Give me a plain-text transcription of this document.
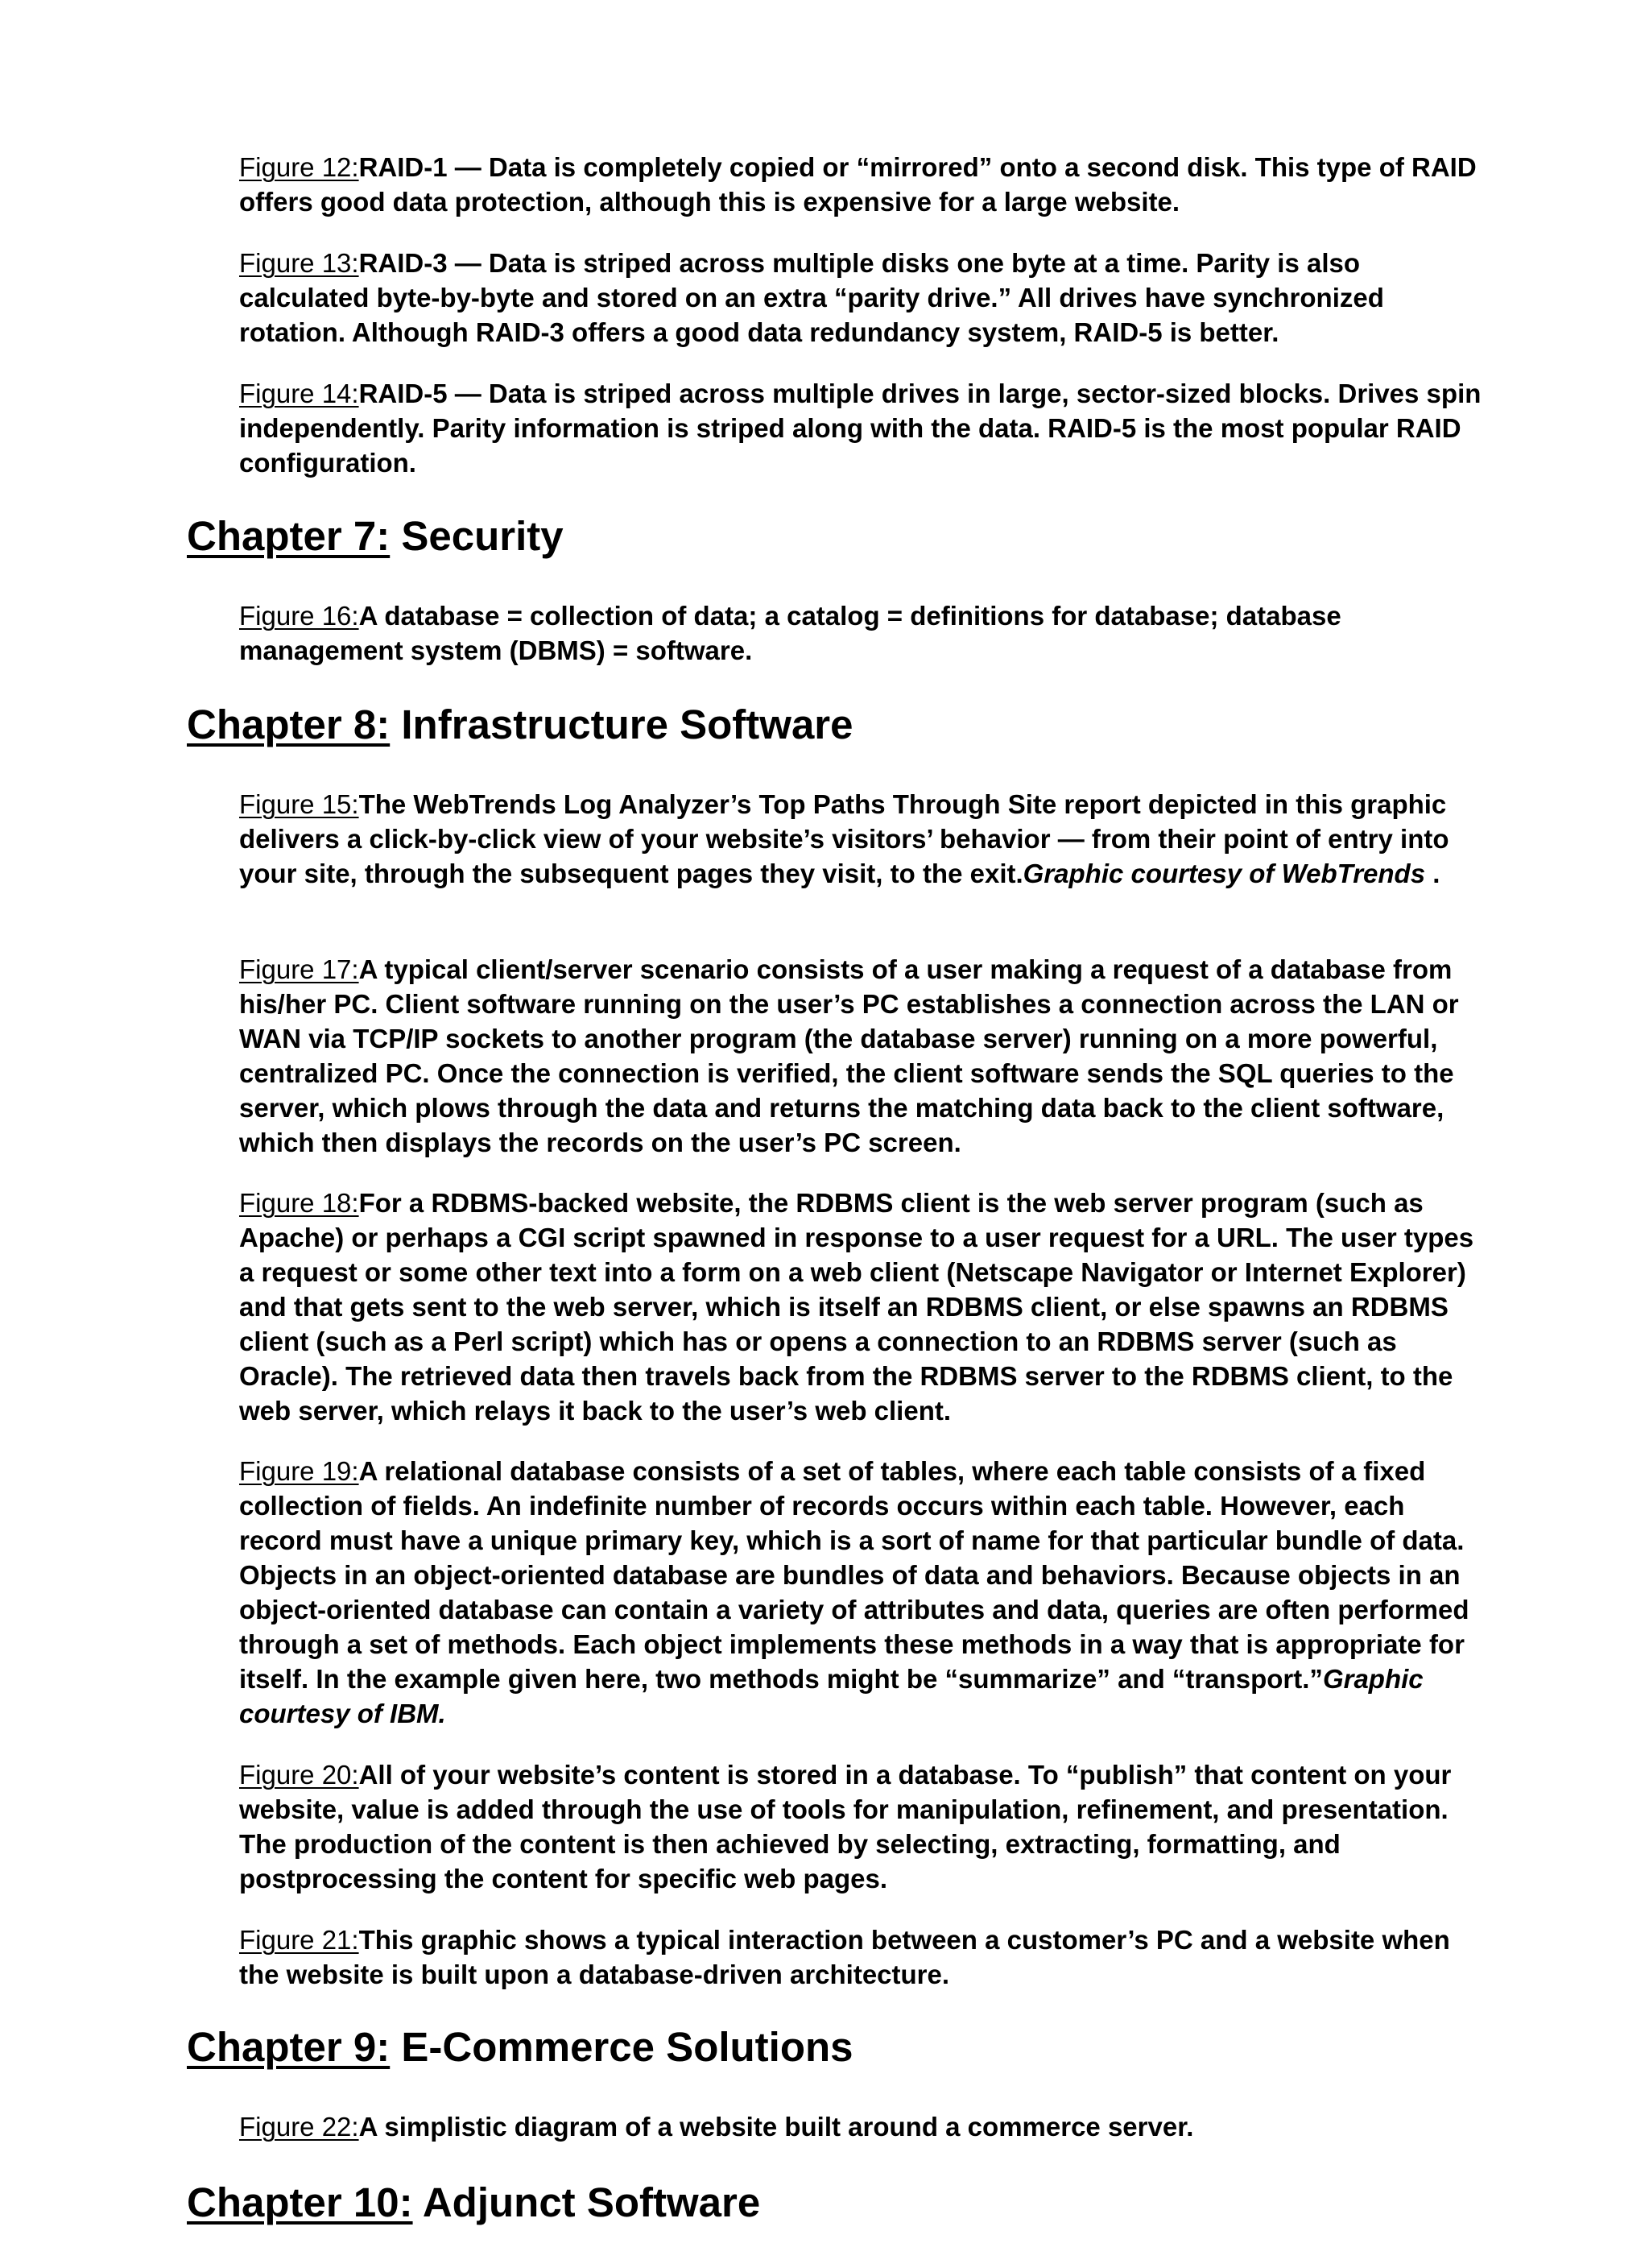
Figure 12:RAID-1 — Data is completely copied or “mirrored” onto a second disk. This type of RAID offers good data protection, although this is expensive for a large website.

Figure 13:RAID-3 — Data is striped across multiple disks one byte at a time. Parity is also calculated byte-by-byte and stored on an extra “parity drive.” All drives have synchronized rotation. Although RAID-3 offers a good data redundancy system, RAID-5 is better.

Figure 14:RAID-5 — Data is striped across multiple drives in large, sector-sized blocks. Drives spin independently. Parity information is striped along with the data. RAID-5 is the most popular RAID configuration.

Chapter 7: Security

Figure 16:A database = collection of data; a catalog = definitions for database; database management system (DBMS) = software.

Chapter 8: Infrastructure Software

Figure 15:The WebTrends Log Analyzer’s Top Paths Through Site report depicted in this graphic delivers a click-by-click view of your website’s visitors’ behavior — from their point of entry into your site, through the subsequent pages they visit, to the exit.Graphic courtesy of WebTrends .

Figure 17:A typical client/server scenario consists of a user making a request of a database from his/her PC. Client software running on the user’s PC establishes a connection across the LAN or WAN via TCP/IP sockets to another program (the database server) running on a more powerful, centralized PC. Once the connection is verified, the client software sends the SQL queries to the server, which plows through the data and returns the matching data back to the client software, which then displays the records on the user’s PC screen.

Figure 18:For a RDBMS-backed website, the RDBMS client is the web server program (such as Apache) or perhaps a CGI script spawned in response to a user request for a URL. The user types a request or some other text into a form on a web client (Netscape Navigator or Internet Explorer) and that gets sent to the web server, which is itself an RDBMS client, or else spawns an RDBMS client (such as a Perl script) which has or opens a connection to an RDBMS server (such as Oracle). The retrieved data then travels back from the RDBMS server to the RDBMS client, to the web server, which relays it back to the user’s web client.

Figure 19:A relational database consists of a set of tables, where each table consists of a fixed collection of fields. An indefinite number of records occurs within each table. However, each record must have a unique primary key, which is a sort of name for that particular bundle of data. Objects in an object-oriented database are bundles of data and behaviors. Because objects in an object-oriented database can contain a variety of attributes and data, queries are often performed through a set of methods. Each object implements these methods in a way that is appropriate for itself. In the example given here, two methods might be “summarize” and “transport.”Graphic courtesy of IBM.

Figure 20:All of your website’s content is stored in a database. To “publish” that content on your website, value is added through the use of tools for manipulation, refinement, and presentation. The production of the content is then achieved by selecting, extracting, formatting, and postprocessing the content for specific web pages.

Figure 21:This graphic shows a typical interaction between a customer’s PC and a website when the website is built upon a database-driven architecture.

Chapter 9: E-Commerce Solutions

Figure 22:A simplistic diagram of a website built around a commerce server.

Chapter 10: Adjunct Software
